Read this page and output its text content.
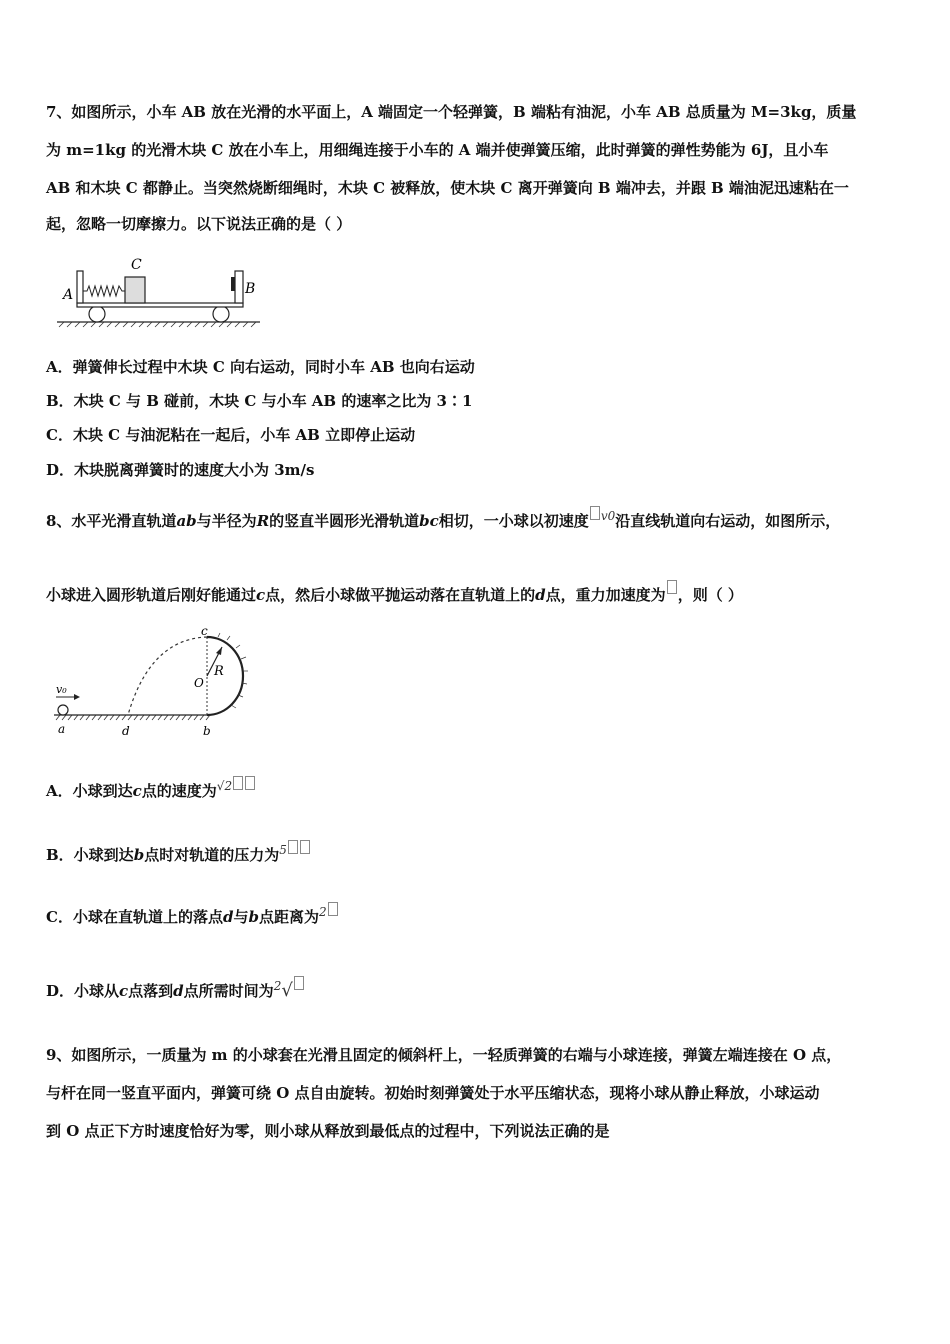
7、如图所示，小车 AB 放在光滑的水平面上，A 端固定一个轻弹簧，B 端粘有油泥，小车 AB 总质量为 M=3kg，质量
为 m=1kg 的光滑木块 C 放在小车上，用细绳连接于小车的 A 端并使弹簧压缩，此时弹簧的弹性势能为 6J，且小车
AB 和木块 C 都静止。当突然烧断细绳时，木块 C 被释放，使木块 C 离开弹簧向 B 端冲去，并跟 B 端油泥迅速粘在一
起，忽略一切摩擦力。以下说法正确的是（ ）
A	B
C
A．弹簧伸长过程中木块 C 向右运动，同时小车 AB 也向右运动
B．木块 C 与 B 碰前，木块 C 与小车 AB 的速率之比为 3∶1
C．木块 C 与油泥粘在一起后，小车 AB 立即停止运动
D．木块脱离弹簧时的速度大小为 3m/s
8、水平光滑直轨道ab与半径为R的竖直半圆形光滑轨道bc相切，一小球以初速度 $^{v0}$沿直线轨道向右运动，如图所示，
小球进入圆形轨道后刚好能通过c点，然后小球做平抛运动落在直轨道上的d点，重力加速度为 ，则（ ）
v₀
a	d	b
c
O
R
A．小球到达c点的速度为$^{√2}$
B．小球到达b点时对轨道的压力为$^5$
C．小球在直轨道上的落点d与b点距离为$^2$
D．小球从c点落到d点所需时间为$^2$√
9、如图所示，一质量为 m 的小球套在光滑且固定的倾斜杆上，一轻质弹簧的右端与小球连接，弹簧左端连接在 O 点，
与杆在同一竖直平面内，弹簧可绕 O 点自由旋转。初始时刻弹簧处于水平压缩状态，现将小球从静止释放，小球运动
到 O 点正下方时速度恰好为零，则小球从释放到最低点的过程中，下列说法正确的是
